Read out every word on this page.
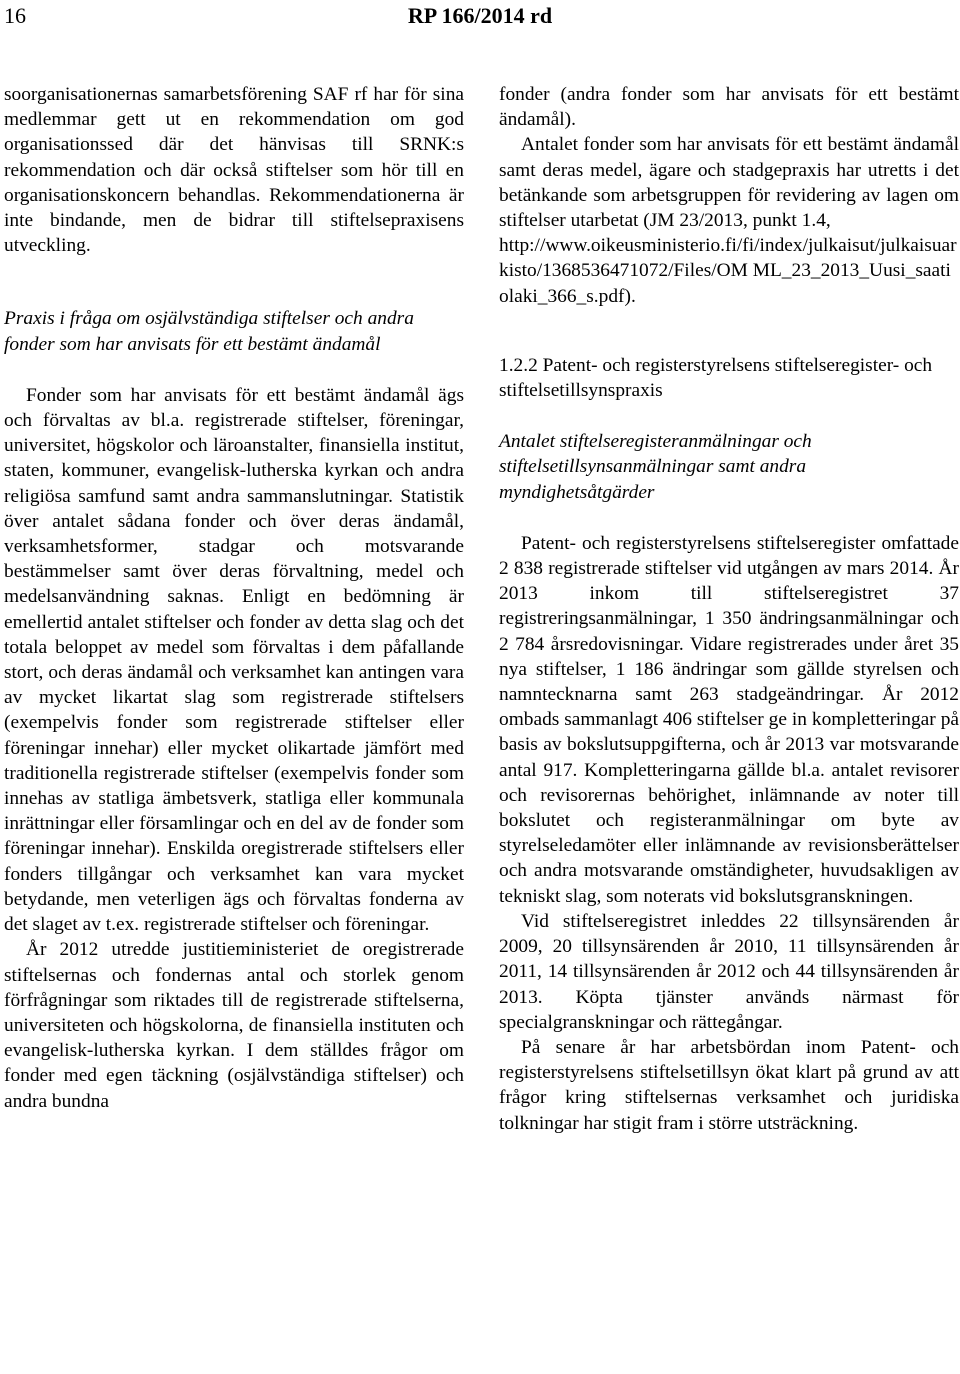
16	RP 166/2014 rd

soorganisationernas samarbetsförening SAF rf har för sina medlemmar gett ut en rekommendation om god organisationssed där det hänvisas till SRNK:s rekommendation och där också stiftelser som hör till en organisationskoncern behandlas. Rekommendationerna är inte bindande, men de bidrar till stiftelsepraxisens utveckling.

Praxis i fråga om osjälvständiga stiftelser och andra fonder som har anvisats för ett bestämt ändamål

Fonder som har anvisats för ett bestämt ändamål ägs och förvaltas av bl.a. registrerade stiftelser, föreningar, universitet, högskolor och läroanstalter, finansiella institut, staten, kommuner, evangelisk-lutherska kyrkan och andra religiösa samfund samt andra sammanslutningar. Statistik över antalet sådana fonder och över deras ändamål, verksamhetsformer, stadgar och motsvarande bestämmelser samt över deras förvaltning, medel och medelsanvändning saknas. Enligt en bedömning är emellertid antalet stiftelser och fonder av detta slag och det totala beloppet av medel som förvaltas i dem påfallande stort, och deras ändamål och verksamhet kan antingen vara av mycket likartat slag som registrerade stiftelsers (exempelvis fonder som registrerade stiftelser eller föreningar innehar) eller mycket olikartade jämfört med traditionella registrerade stiftelser (exempelvis fonder som innehas av statliga ämbetsverk, statliga eller kommunala inrättningar eller församlingar och en del av de fonder som föreningar innehar). Enskilda oregistrerade stiftelsers eller fonders tillgångar och verksamhet kan vara mycket betydande, men veterligen ägs och förvaltas fonderna av det slaget av t.ex. registrerade stiftelser och föreningar.

År 2012 utredde justitieministeriet de oregistrerade stiftelsernas och fondernas antal och storlek genom förfrågningar som riktades till de registrerade stiftelserna, universiteten och högskolorna, de finansiella instituten och evangelisk-lutherska kyrkan. I dem ställdes frågor om fonder med egen täckning (osjälvständiga stiftelser) och andra bundna

fonder (andra fonder som har anvisats för ett bestämt ändamål).

Antalet fonder som har anvisats för ett bestämt ändamål samt deras medel, ägare och stadgepraxis har utretts i det betänkande som arbetsgruppen för revidering av lagen om stiftelser utarbetat (JM 23/2013, punkt 1.4,

http://www.oikeusministerio.fi/fi/index/julkaisut/julkaisuarkisto/1368536471072/Files/OM ML_23_2013_Uusi_saatiolaki_366_s.pdf).

1.2.2 Patent- och registerstyrelsens stiftelseregister- och stiftelsetillsynspraxis

Antalet stiftelseregisteranmälningar och stiftelsetillsynsanmälningar samt andra myndighetsåtgärder

Patent- och registerstyrelsens stiftelseregister omfattade 2 838 registrerade stiftelser vid utgången av mars 2014. År 2013 inkom till stiftelseregistret 37 registreringsanmälningar, 1 350 ändringsanmälningar och 2 784 årsredovisningar. Vidare registrerades under året 35 nya stiftelser, 1 186 ändringar som gällde styrelsen och namntecknarna samt 263 stadgeändringar. År 2012 ombads sammanlagt 406 stiftelser ge in kompletteringar på basis av bokslutsuppgifterna, och år 2013 var motsvarande antal 917. Kompletteringarna gällde bl.a. antalet revisorer och revisorernas behörighet, inlämnande av noter till bokslutet och registeranmälningar om byte av styrelseledamöter eller inlämnande av revisionsberättelser och andra motsvarande omständigheter, huvudsakligen av tekniskt slag, som noterats vid bokslutsgranskningen.

Vid stiftelseregistret inleddes 22 tillsynsärenden år 2009, 20 tillsynsärenden år 2010, 11 tillsynsärenden år 2011, 14 tillsynsärenden år 2012 och 44 tillsynsärenden år 2013. Köpta tjänster används närmast för specialgranskningar och rättegångar.

På senare år har arbetsbördan inom Patent- och registerstyrelsens stiftelsetillsyn ökat klart på grund av att frågor kring stiftelsernas verksamhet och juridiska tolkningar har stigit fram i större utsträckning.
